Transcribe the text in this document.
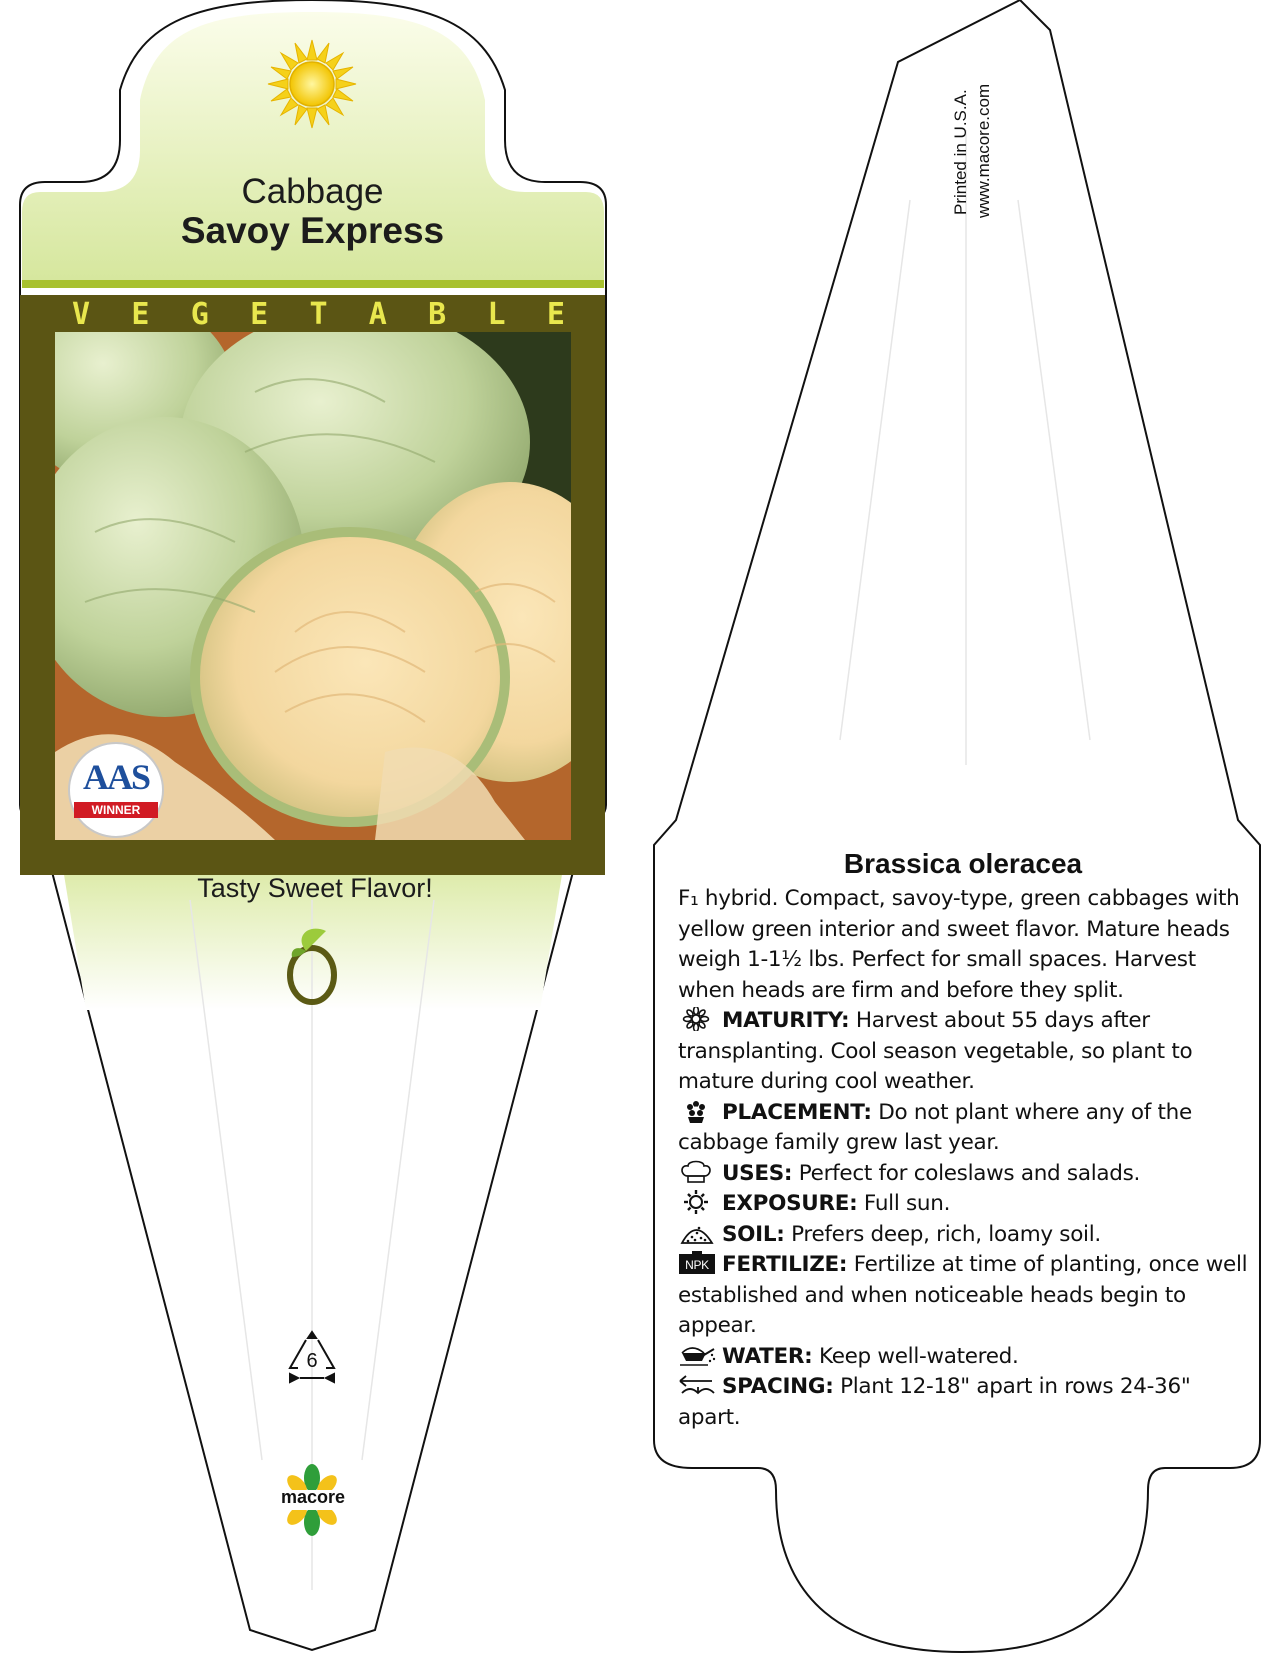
Cabbage
Savoy Express
V E G E T A B L E
AAS
WINNER
Tasty Sweet Flavor!
6
macore
Printed in U.S.A. www.macore.com
Brassica oleracea

F₁ hybrid. Compact, savoy-type, green cabbages with yellow green interior and sweet flavor. Mature heads weigh 1-1½ lbs. Perfect for small spaces. Harvest when heads are firm and before they split.

MATURITY: Harvest about 55 days after transplanting. Cool season vegetable, so plant to mature during cool weather.

PLACEMENT: Do not plant where any of the cabbage family grew last year.

USES: Perfect for coleslaws and salads.

EXPOSURE: Full sun.

SOIL: Prefers deep, rich, loamy soil.

NPK FERTILIZE: Fertilize at time of planting, once well established and when noticeable heads begin to appear.

WATER: Keep well-watered.

SPACING: Plant 12-18" apart in rows 24-36" apart.
